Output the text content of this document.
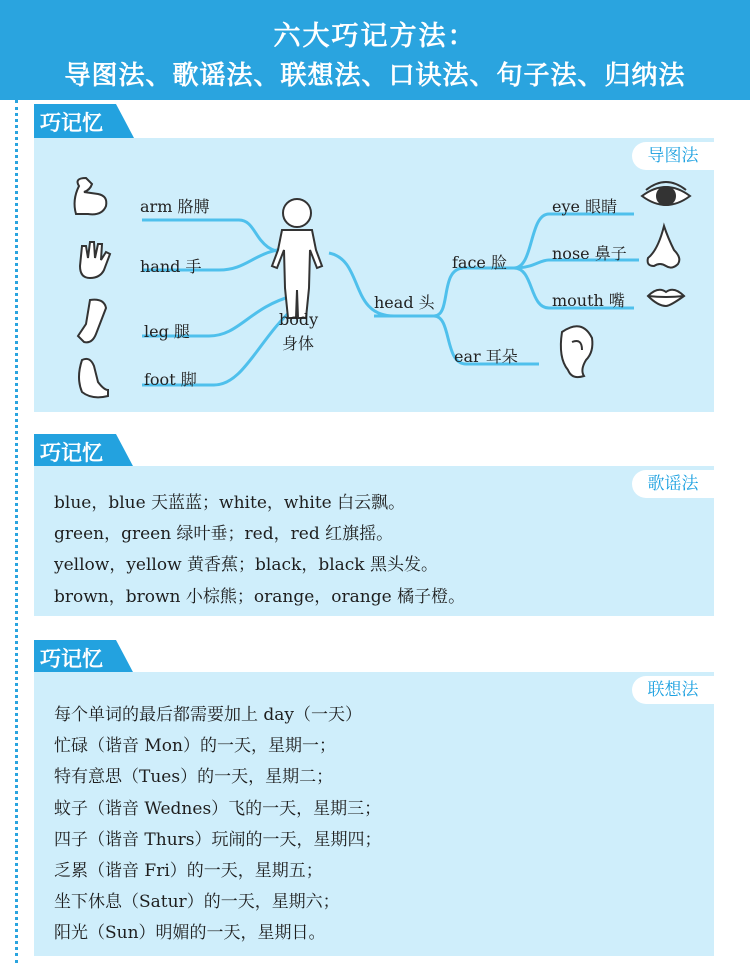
六大巧记方法：
导图法、歌谣法、联想法、口诀法、句子法、归纳法
巧记忆
导图法
arm 胳膊
hand 手
leg 腿
foot 脚
body
身体
head 头
face 脸
ear 耳朵
eye 眼睛
nose 鼻子
mouth 嘴
巧记忆
歌谣法
blue，blue 天蓝蓝；white，white 白云飘。
green，green 绿叶垂；red，red 红旗摇。
yellow，yellow 黄香蕉；black，black 黑头发。
brown，brown 小棕熊；orange，orange 橘子橙。
巧记忆
联想法
每个单词的最后都需要加上 day（一天）
忙碌（谐音 Mon）的一天，星期一；
特有意思（Tues）的一天，星期二；
蚊子（谐音 Wednes）飞的一天，星期三；
四子（谐音 Thurs）玩闹的一天，星期四；
乏累（谐音 Fri）的一天，星期五；
坐下休息（Satur）的一天，星期六；
阳光（Sun）明媚的一天，星期日。
